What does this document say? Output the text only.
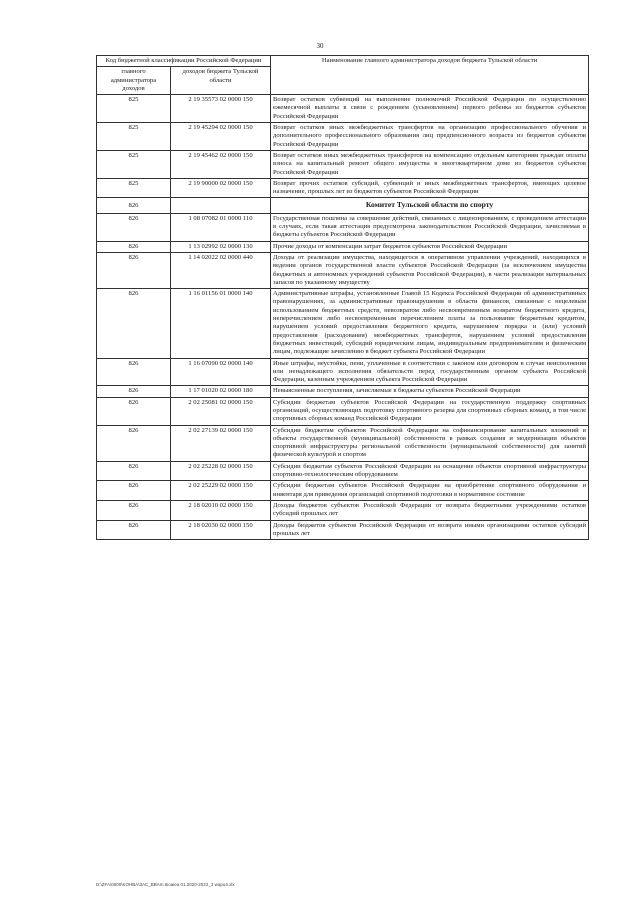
30
Код бюджетной классификации Российской Федерации		Наименование главного администратора доходов бюджета Тульской области
главного администратора доходов	доходов бюджета Тульской области	
825	2 19 35573 02 0000 150	Возврат остатков субвенций на выполнение полномочий Российской Федерации по осуществлению ежемесячной выплаты в связи с рождением (усыновлением) первого ребенка из бюджетов субъектов Российской Федерации
825	2 19 45294 02 0000 150	Возврат остатков иных межбюджетных трансфертов на организацию профессионального обучения и дополнительного профессионального образования лиц предпенсионного возраста из бюджетов субъектов Российской Федерации
825	2 19 45462 02 0000 150	Возврат остатков иных межбюджетных трансфертов на компенсацию отдельным категориям граждан оплаты взноса на капитальный ремонт общего имущества в многоквартирном доме из бюджетов субъектов Российской Федерации
825	2 19 90000 02 0000 150	Возврат прочих остатков субсидий, субвенций и иных межбюджетных трансфертов, имеющих целевое назначение, прошлых лет из бюджетов субъектов Российской Федерации
826		Комитет Тульской области по спорту
826	1 08 07082 01 0000 110	Государственная пошлина за совершение действий, связанных с лицензированием, с проведением аттестации в случаях, если такая аттестация предусмотрена законодательством Российской Федерации, зачисляемая в бюджеты субъектов Российской Федерации
826	1 13 02992 02 0000 130	Прочие доходы от компенсации затрат бюджетов субъектов Российской Федерации
826	1 14 02022 02 0000 440	Доходы от реализации имущества, находящегося в оперативном управлении учреждений, находящихся в ведении органов государственной власти субъектов Российской Федерации (за исключением имущества бюджетных и автономных учреждений субъектов Российской Федерации), в части реализации материальных запасов по указанному имуществу
826	1 16 01156 01 0000 140	Административные штрафы, установленные Главой 15 Кодекса Российской Федерации об административных правонарушениях, за административные правонарушения в области финансов, связанные с нецелевым использованием бюджетных средств, невозвратом либо несвоевременным возвратом бюджетного кредита, неперечислением либо несвоевременным перечислением платы за пользование бюджетным кредитом, нарушением условий предоставления бюджетного кредита, нарушением порядка и (или) условий предоставления (расходования) межбюджетных трансфертов, нарушением условий предоставления бюджетных инвестиций, субсидий юридическим лицам, индивидуальным предпринимателям и физическим лицам, подлежащие зачислению в бюджет субъекта Российской Федерации
826	1 16 07090 02 0000 140	Иные штрафы, неустойки, пени, уплаченные в соответствии с законом или договором в случае неисполнения или ненадлежащего исполнения обязательств перед государственным органом субъекта Российской Федерации, казенным учреждением субъекта Российской Федерации
826	1 17 01020 02 0000 180	Невыясненные поступления, зачисляемые в бюджеты субъектов Российской Федерации
826	2 02 25081 02 0000 150	Субсидии бюджетам субъектов Российской Федерации на государственную поддержку спортивных организаций, осуществляющих подготовку спортивного резерва для спортивных сборных команд, в том числе спортивных сборных команд Российской Федерации
826	2 02 27139 02 0000 150	Субсидии бюджетам субъектов Российской Федерации на софинансирование капитальных вложений в объекты государственной (муниципальной) собственности в рамках создания и модернизации объектов спортивной инфраструктуры региональной собственности (муниципальной собственности) для занятий физической культурой и спортом
826	2 02 25228 02 0000 150	Субсидии бюджетам субъектов Российской Федерации на оснащение объектов спортивной инфраструктуры спортивно-технологическим оборудованием
826	2 02 25229 02 0000 150	Субсидии бюджетам субъектов Российской Федерации на приобретение спортивного оборудования и инвентаря для приведения организаций спортивной подготовки в нормативное состояние
826	2 18 02010 02 0000 150	Доходы бюджетов субъектов Российской Федерации от возврата бюджетными учреждениями остатков субсидий прошлых лет
826	2 18 02030 02 0000 150	Доходы бюджетов субъектов Российской Федерации от возврата иными организациями остатков субсидий прошлых лет
D:\ZFA\0000\KOHBA\3AC_BBAm.6ioaiea 01.2020-2022_3 wapo4.xlx
